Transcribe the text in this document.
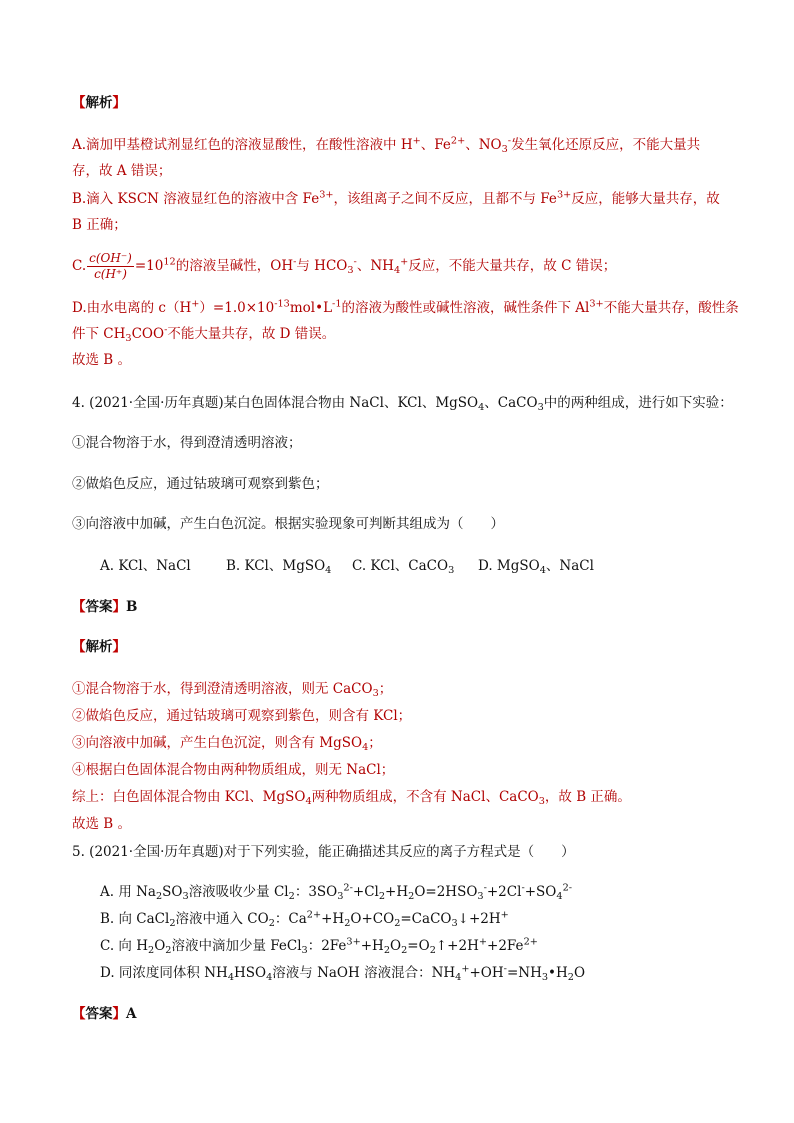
【解析】
A.滴加甲基橙试剂显红色的溶液显酸性，在酸性溶液中 H+、$Fe^{2+}$、$NO_3^-$发生氧化还原反应，不能大量共
存，故 A 错误；
B.滴入 KSCN 溶液显红色的溶液中含 $Fe^{3+}$，该组离子之间不反应，且都不与 $Fe^{3+}$反应，能够大量共存，故
B 正确；
C. $\frac{c(OH^-)}{c(H^+)} =10^{12}$的溶液呈碱性，OH-与 $HCO_3^-$、$NH_4^+$反应，不能大量共存，故 C 错误；
D.由水电离的 $c(H^+)=1.0\times 10^{-13}mol•L^{-1}$的溶液为酸性或碱性溶液，碱性条件下 $Al^{3+}$不能大量共存，酸性条
件下 $CH_3COO^-$不能大量共存，故 D 错误。
故选 B 。
4. (2021·全国·历年真题)某白色固体混合物由 NaCl、KCl、MgSO$_4$、CaCO$_3$中的两种组成，进行如下实验：
①混合物溶于水，得到澄清透明溶液；
②做焰色反应，通过钴玻璃可观察到紫色；
③向溶液中加碱，产生白色沉淀。根据实验现象可判断其组成为（　　）
A. KCl、NaCl	B. KCl、MgSO$_4$ C. KCl、CaCO$_3$ D. MgSO$_4$、NaCl
【答案】B
【解析】
①混合物溶于水，得到澄清透明溶液，则无 CaCO$_3$；
②做焰色反应，通过钴玻璃可观察到紫色，则含有 KCl；
③向溶液中加碱，产生白色沉淀，则含有 MgSO$_4$；
④根据白色固体混合物由两种物质组成，则无 NaCl；
综上：白色固体混合物由 KCl、MgSO$_4$两种物质组成，不含有 NaCl、CaCO$_3$，故 B 正确。
故选 B 。
5. (2021·全国·历年真题)对于下列实验，能正确描述其反应的离子方程式是（　　）
A. 用 $Na_2SO_3$溶液吸收少量 $Cl_2$：$3SO_3^{2-}+Cl_2+H_2O=2HSO_3^-+2Cl^-+SO_4^{2-}$
B. 向 CaCl$_2$溶液中通入 $CO_2$：$Ca^{2+}+H_2O+CO_2=CaCO_3↓+2H^+$
C. 向 $H_2O_2$溶液中滴加少量 FeCl$_3$：$2Fe^{3+}+H_2O_2=O_2↑+2H^++2Fe^{2+}$
D. 同浓度同体积 $NH_4HSO_4$溶液与 NaOH 溶液混合：$NH_4^++OH^-=NH_3•H_2O$
【答案】A
